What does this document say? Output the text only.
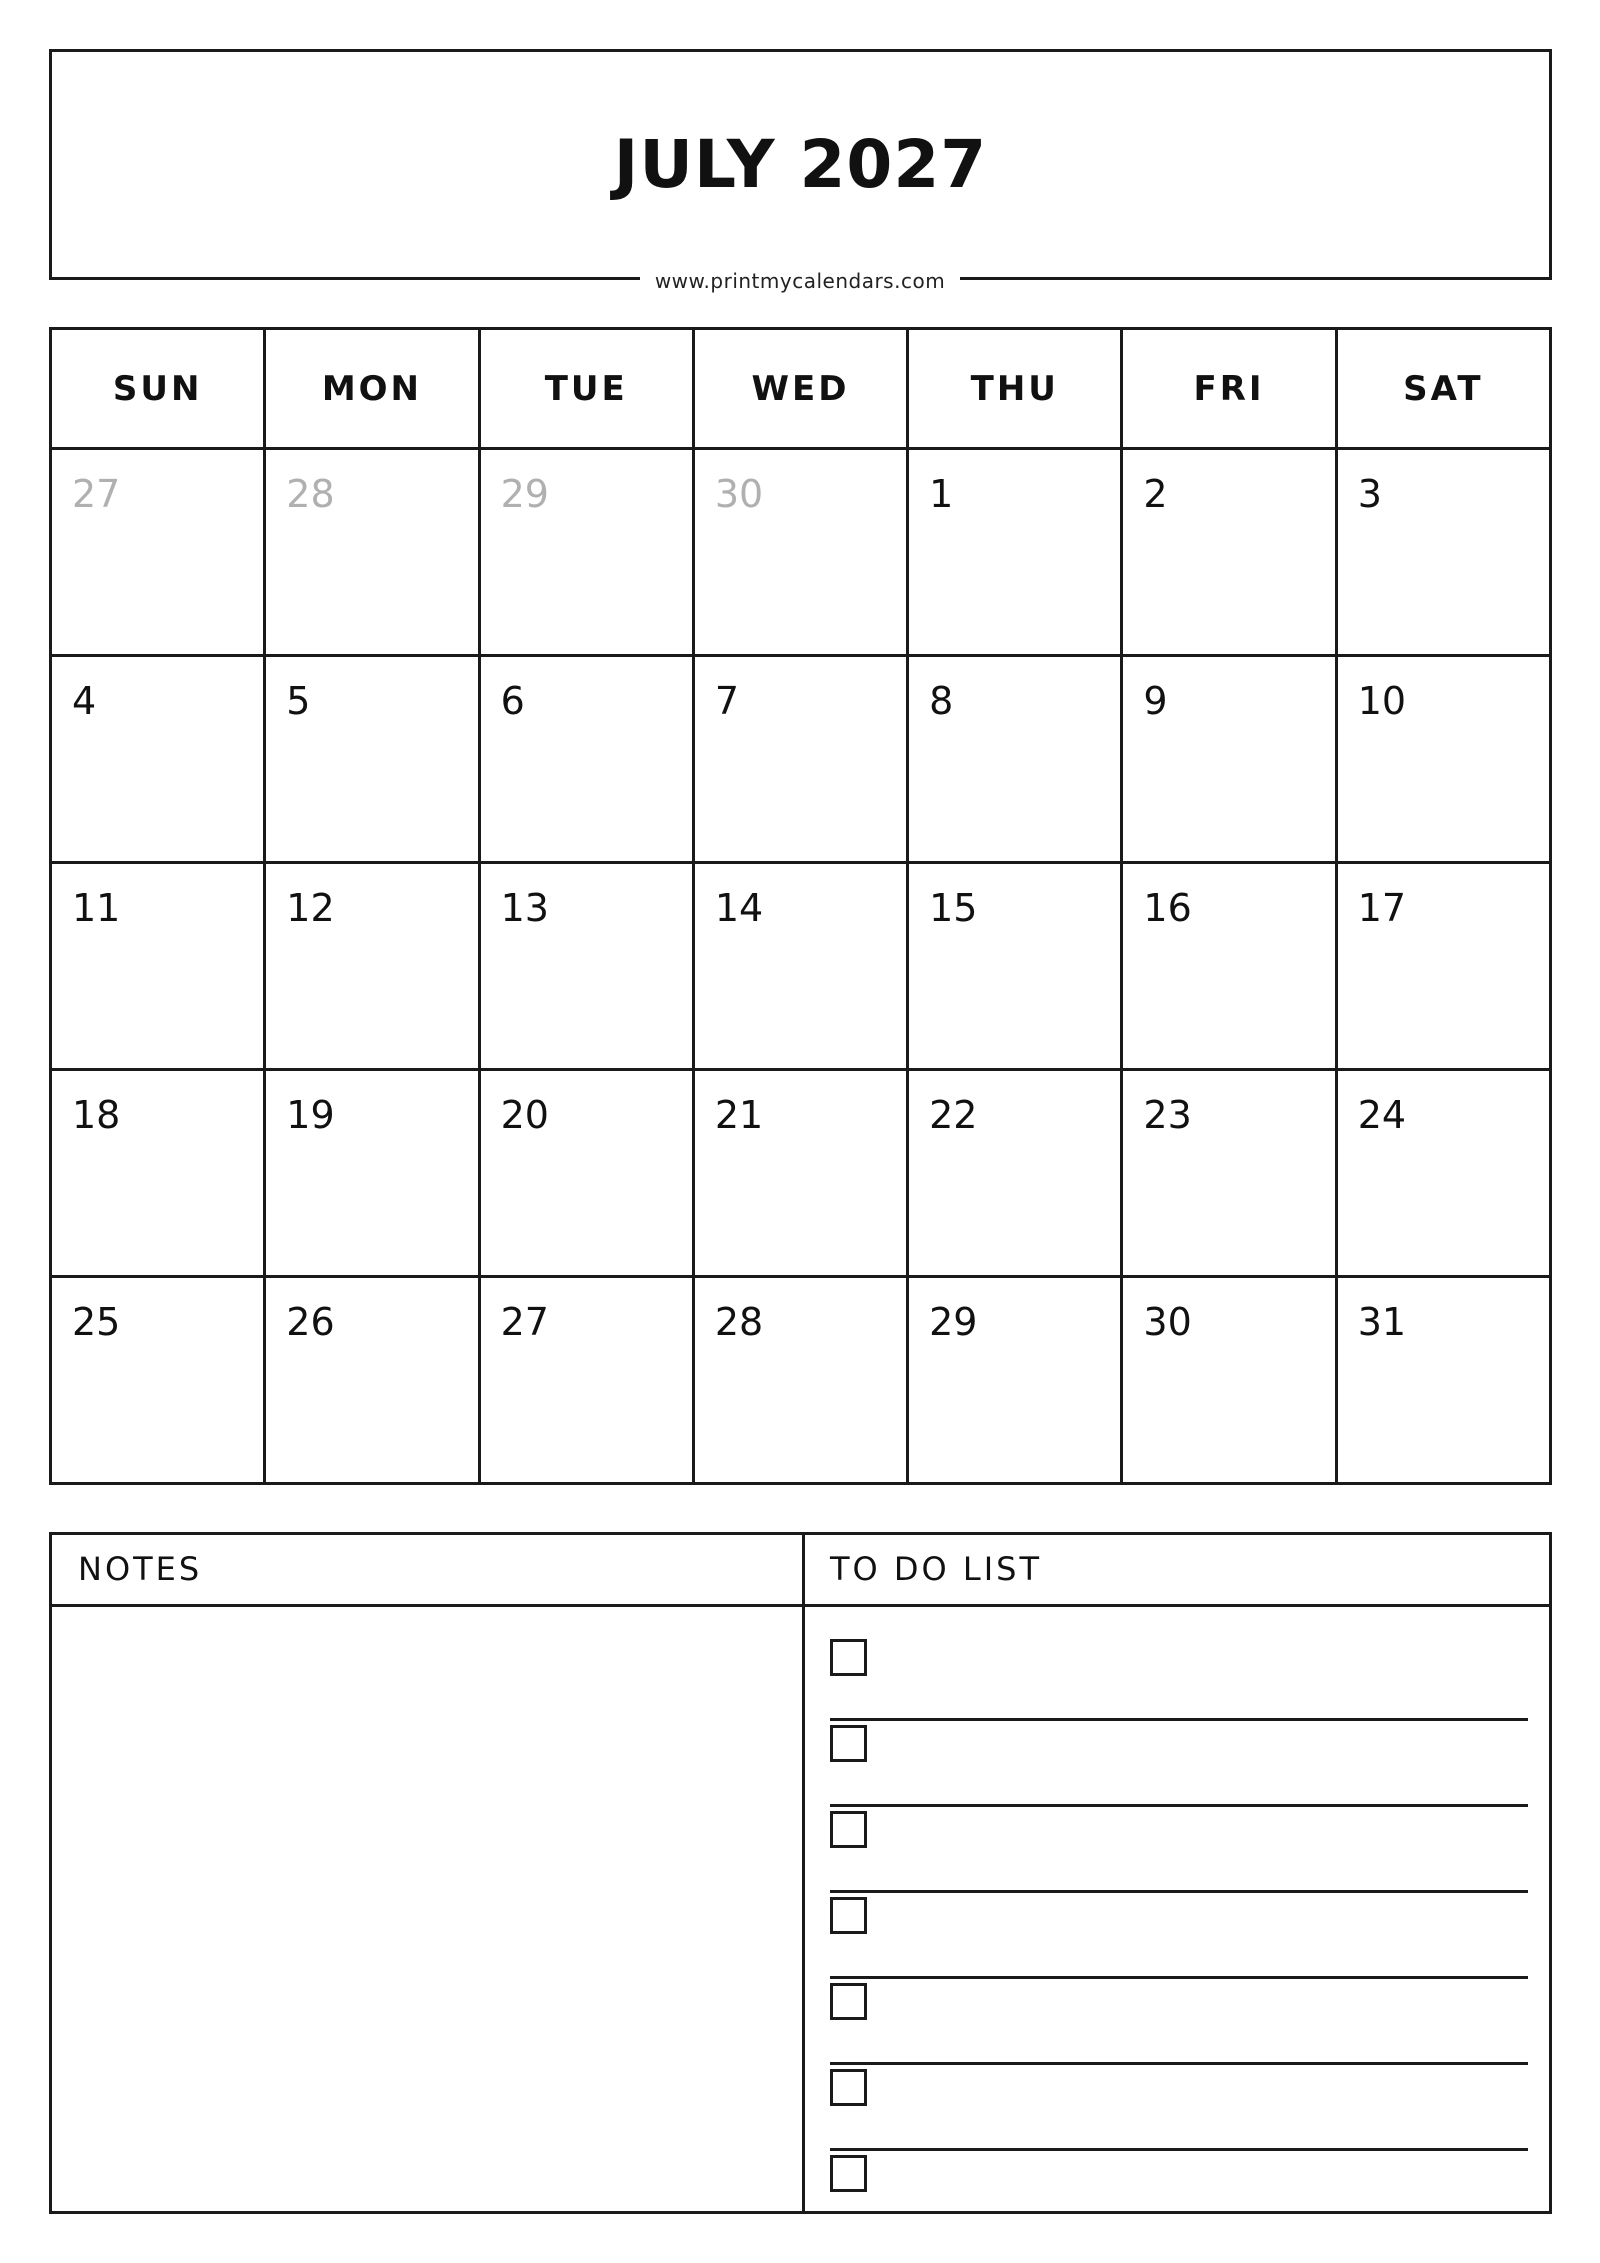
JULY 2027
www.printmycalendars.com
SUN	MON	TUE	WED	THU	FRI	SAT

27	28	29	30	1	2	3

4	5	6	7	8	9	10

11	12	13	14	15	16	17

18	19	20	21	22	23	24

25	26	27	28	29	30	31
NOTES	TO DO LIST
